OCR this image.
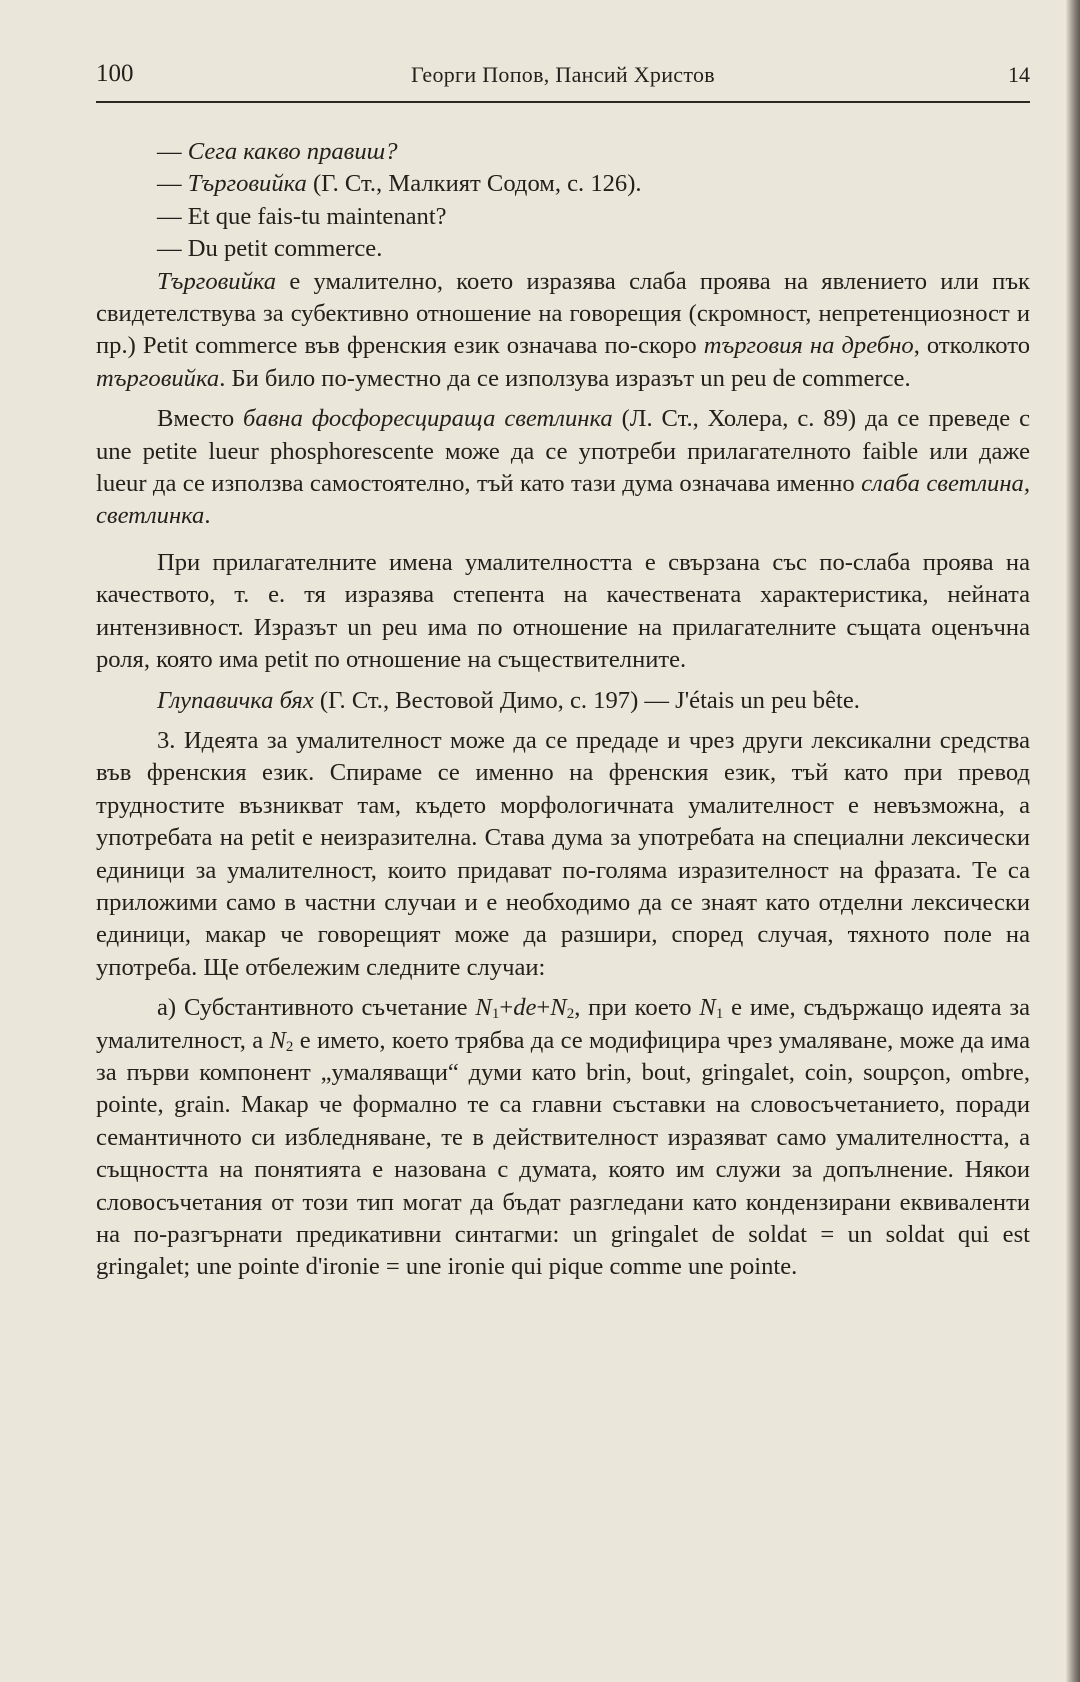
100	Георги Попов, Пансий Христов	14

— Сега какво правиш?

— Търговийка (Г. Ст., Малкият Содом, с. 126).

— Et que fais-tu maintenant?

— Du petit commerce.

Търговийка е умалително, което изразява слаба проява на явлението или пък свидетелствува за субективно отношение на говорещия (скромност, непретенциозност и пр.) Petit commerce във френския език означава по-скоро търговия на дребно, отколкото търговийка. Би било по-уместно да се използува изразът un peu de commerce.

Вместо бавна фосфоресцираща светлинка (Л. Ст., Холера, с. 89) да се преведе с une petite lueur phosphorescente може да се употреби прилагателното faible или даже lueur да се използва самостоятелно, тъй като тази дума означава именно слаба светлина, светлинка.

При прилагателните имена умалителността е свързана със по-слаба проява на качеството, т. е. тя изразява степента на качествената характеристика, нейната интензивност. Изразът un peu има по отношение на прилагателните същата оценъчна роля, която има petit по отношение на съществителните.

Глупавичка бях (Г. Ст., Вестовой Димо, с. 197) — J'étais un peu bête.

3. Идеята за умалителност може да се предаде и чрез други лексикални средства във френския език. Спираме се именно на френския език, тъй като при превод трудностите възникват там, където морфологичната умалителност е невъзможна, а употребата на petit е неизразителна. Става дума за употребата на специални лексически единици за умалителност, които придават по-голяма изразителност на фразата. Те са приложими само в частни случаи и е необходимо да се знаят като отделни лексически единици, макар че говорещият може да разшири, според случая, тяхното поле на употреба. Ще отбележим следните случаи:

а) Субстантивното съчетание $N_1+de+N_2$, при което $N_1$ е име, съдържащо идеята за умалителност, а $N_2$ е името, което трябва да се модифицира чрез умаляване, може да има за първи компонент „умаляващи“ думи като brin, bout, gringalet, coin, soupçon, ombre, pointe, grain. Макар че формално те са главни съставки на словосъчетанието, поради семантичното си избледняване, те в действителност изразяват само умалителността, а същността на понятията е назована с думата, която им служи за допълнение. Някои словосъчетания от този тип могат да бъдат разгледани като кондензирани еквиваленти на по-разгърнати предикативни синтагми: un gringalet de soldat = un soldat qui est gringalet; une pointe d'ironie = une ironie qui pique comme une pointe.
